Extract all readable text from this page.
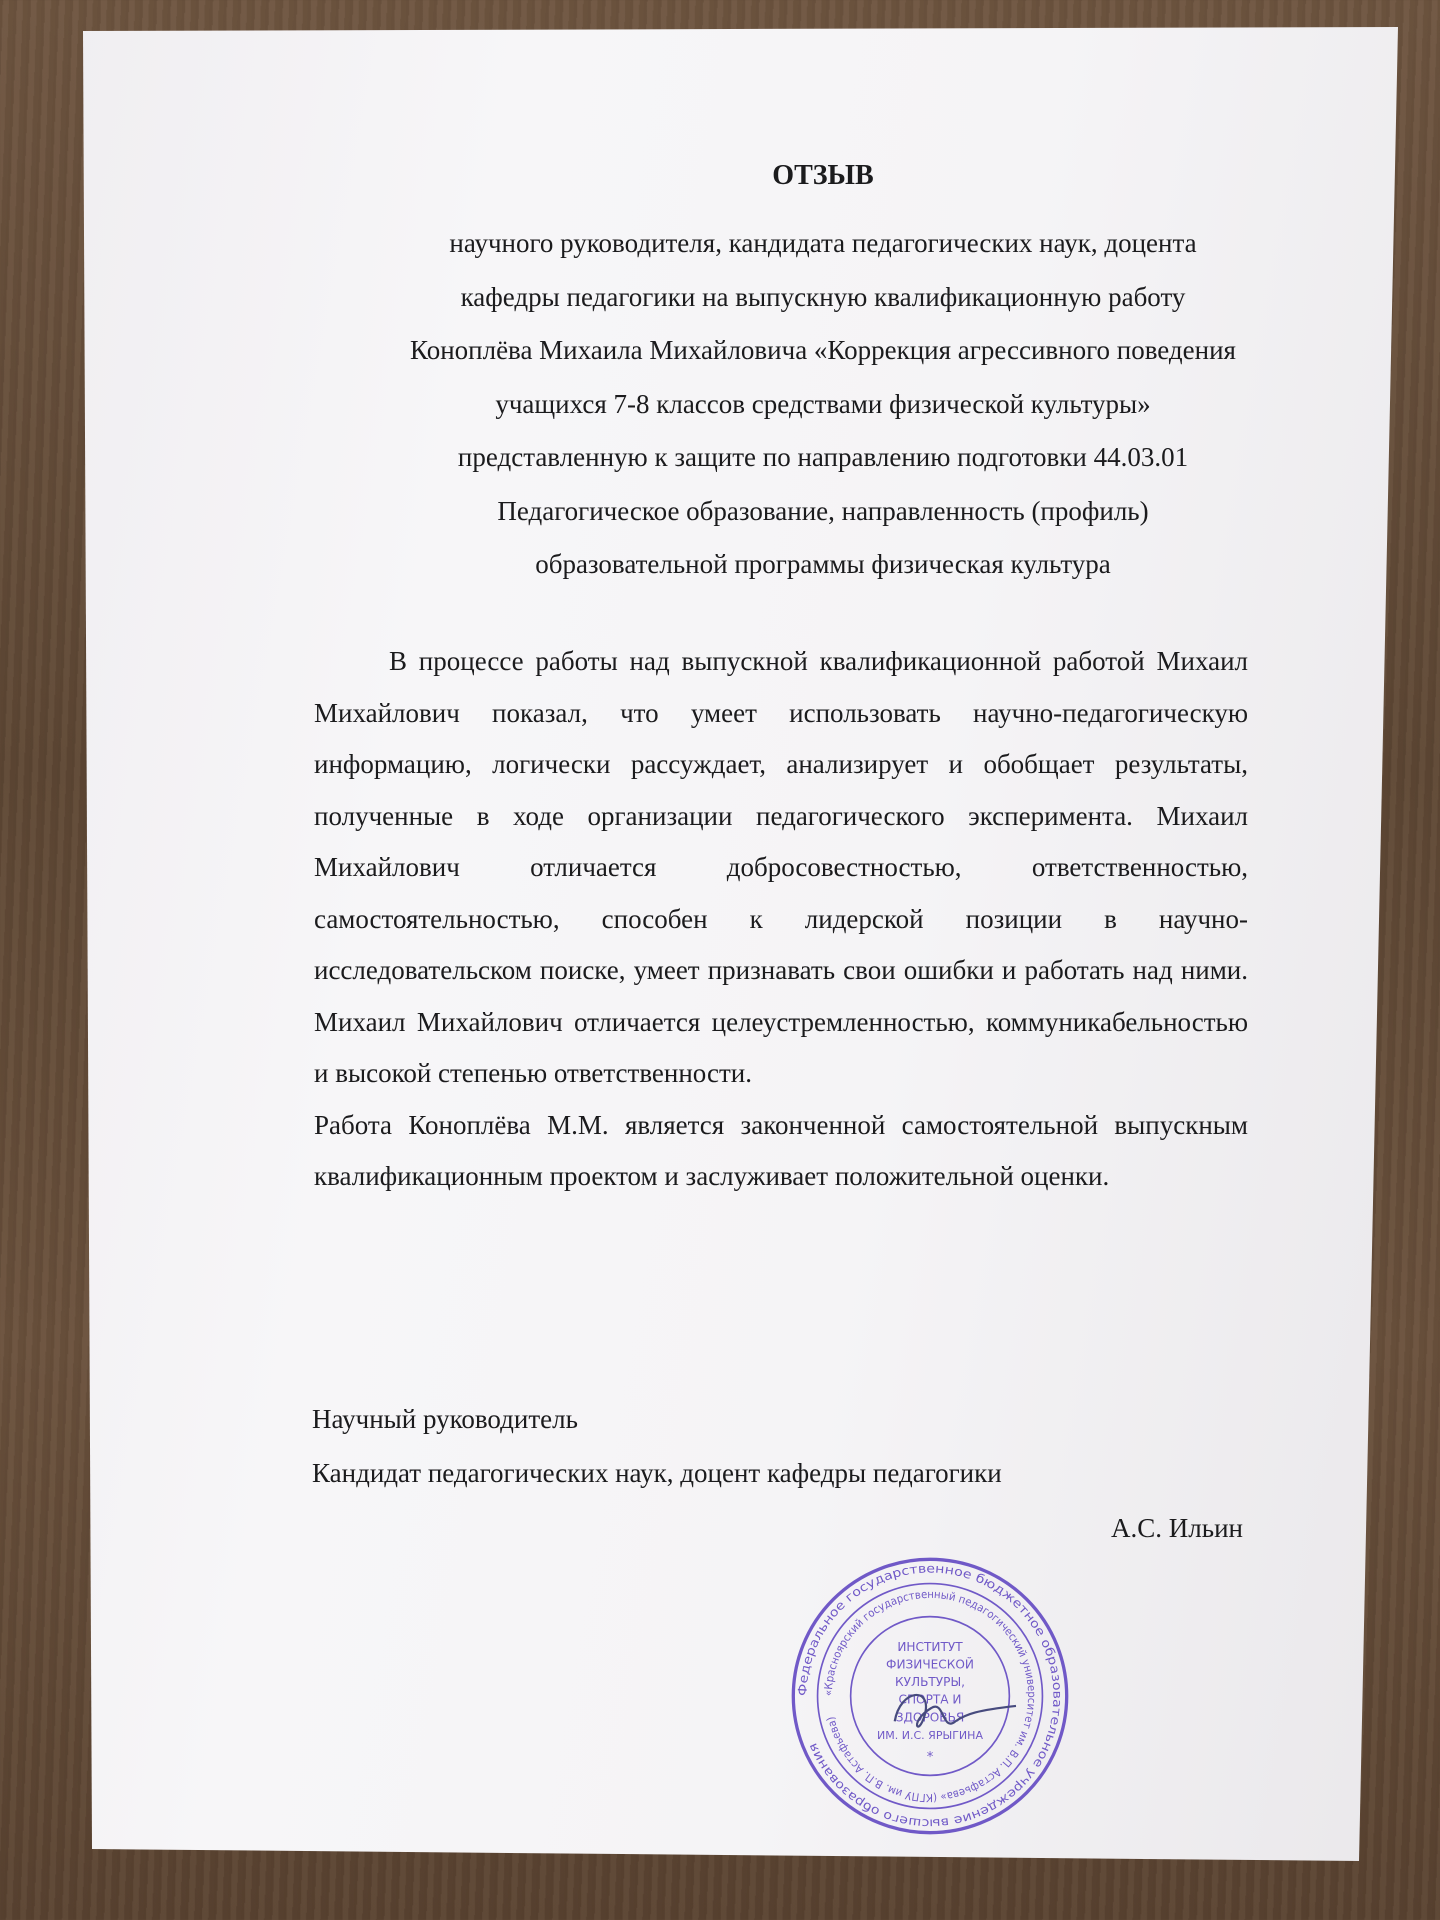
ОТЗЫВ
научного руководителя, кандидата педагогических наук, доцента
кафедры педагогики на выпускную квалификационную работу
Коноплёва Михаила Михайловича «Коррекция агрессивного поведения
учащихся 7-8 классов средствами физической культуры»
представленную к защите по направлению подготовки 44.03.01
Педагогическое образование, направленность (профиль)
образовательной программы физическая культура

В процессе работы над выпускной квалификационной работой Михаил Михайлович показал, что умеет использовать научно-педагогическую информацию, логически рассуждает, анализирует и обобщает результаты, полученные в ходе организации педагогического эксперимента. Михаил Михайлович отличается добросовестностью, ответственностью, самостоятельностью, способен к лидерской позиции в научно-исследовательском поиске, умеет признавать свои ошибки и работать над ними. Михаил Михайлович отличается целеустремленностью, коммуникабельностью и высокой степенью ответственности.

Работа Коноплёва М.М. является законченной самостоятельной выпускным квалификационным проектом и заслуживает положительной оценки.

Научный руководитель
Кандидат педагогических наук, доцент кафедры педагогики
А.С. Ильин
Федеральное государственное бюджетное образовательное учреждение высшего образования
«Красноярский государственный педагогический университет им. В.П. Астафьева» (КГПУ им. В.П. Астафьева)
ИНСТИТУТ
ФИЗИЧЕСКОЙ
КУЛЬТУРЫ,
СПОРТА И
ЗДОРОВЬЯ
ИМ. И.С. ЯРЫГИНА
*
